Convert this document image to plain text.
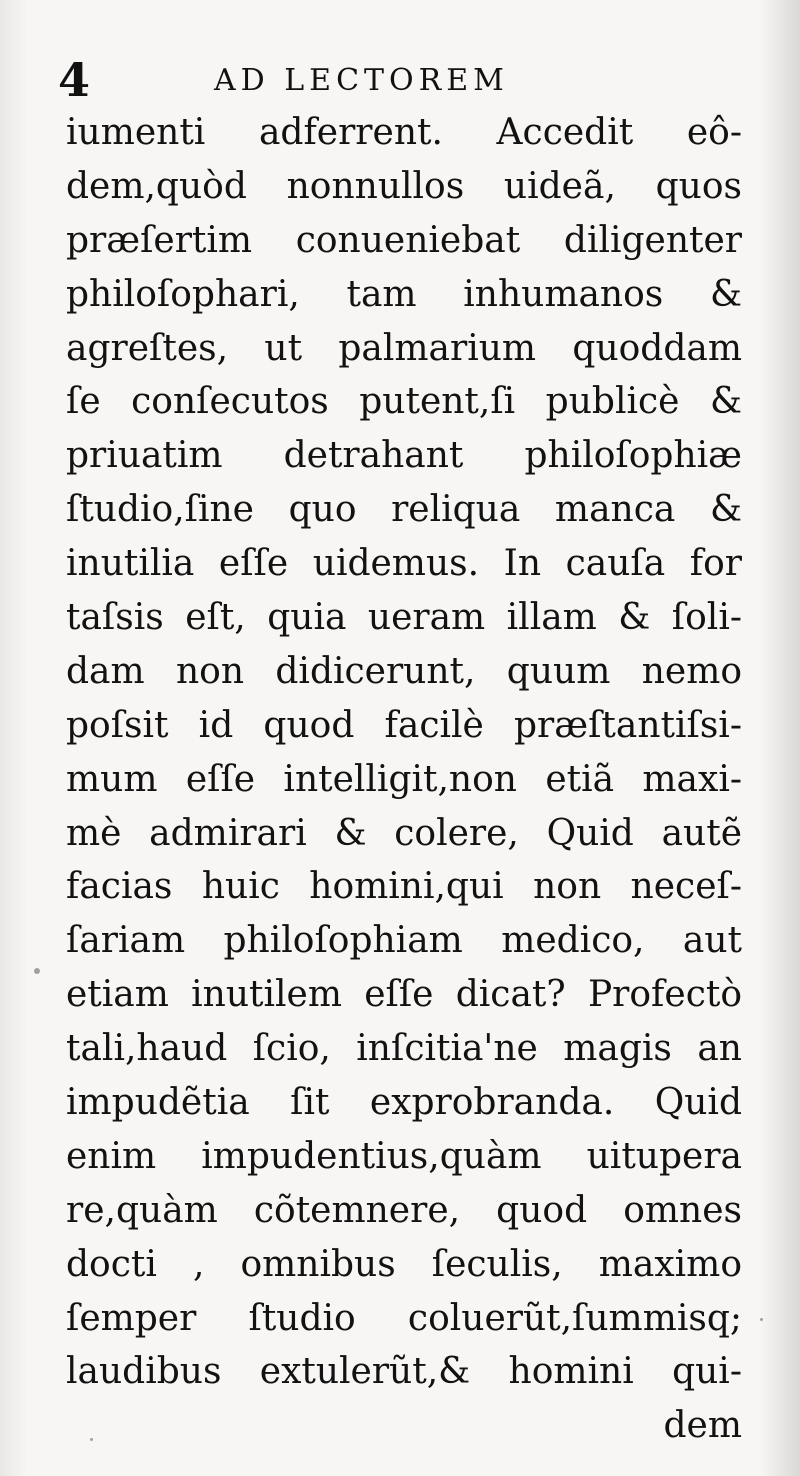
4	AD LECTOREM
iumenti adferrent. Accedit eô-
dem,quòd nonnullos uideã, quos
præſertim conueniebat diligenter
philoſophari, tam inhumanos &
agreſtes, ut palmarium quoddam
ſe conſecutos putent,ſi publicè &
priuatim detrahant philoſophiæ
ſtudio,ſine quo reliqua manca &
inutilia eſſe uidemus. In cauſa for
taſsis eſt, quia ueram illam & ſoli-
dam non didicerunt, quum nemo
poſsit id quod facilè præſtantiſsi-
mum eſſe intelligit,non etiã maxi-
mè admirari & colere, Quid autẽ
facias huic homini,qui non neceſ-
ſariam philoſophiam medico, aut
etiam inutilem eſſe dicat? Profectò
tali,haud ſcio, inſcitia'ne magis an
impudẽtia ſit exprobranda. Quid
enim impudentius,quàm uitupera
re,quàm cõtemnere, quod omnes
docti , omnibus ſeculis, maximo
ſemper ſtudio coluerũt,ſummisq;
laudibus extulerũt,& homini qui-
dem
